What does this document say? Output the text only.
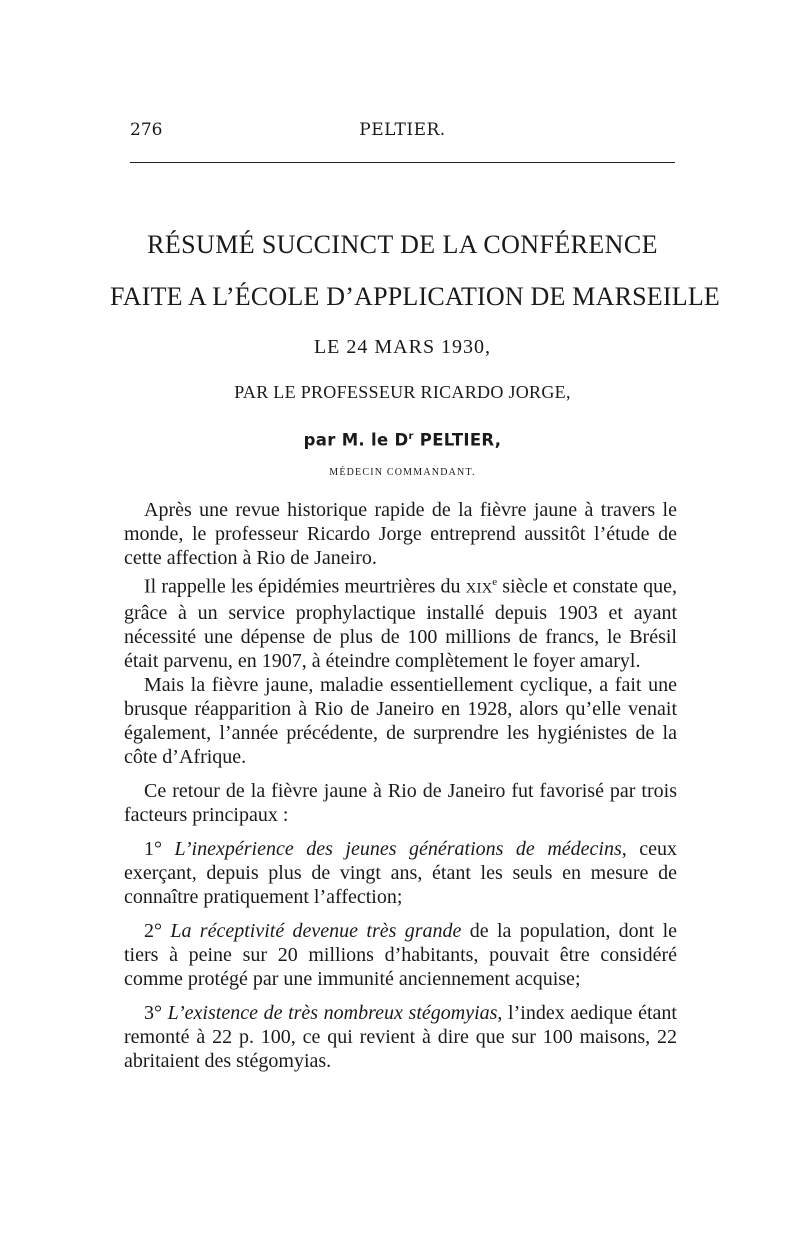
276	PELTIER.
RÉSUMÉ SUCCINCT DE LA CONFÉRENCE
FAITE A L’ÉCOLE D’APPLICATION DE MARSEILLE
LE 24 MARS 1930,
PAR LE PROFESSEUR RICARDO JORGE,
par M. le $D^r$ PELTIER,
MÉDECIN COMMANDANT.

Après une revue historique rapide de la fièvre jaune à travers le monde, le professeur Ricardo Jorge entreprend aussitôt l’étude de cette affection à Rio de Janeiro.

Il rappelle les épidémies meurtrières du XIXe siècle et constate que, grâce à un service prophylactique installé depuis 1903 et ayant nécessité une dépense de plus de 100 millions de francs, le Brésil était parvenu, en 1907, à éteindre complètement le foyer amaryl.

Mais la fièvre jaune, maladie essentiellement cyclique, a fait une brusque réapparition à Rio de Janeiro en 1928, alors qu’elle venait également, l’année précédente, de surprendre les hygiénistes de la côte d’Afrique.

Ce retour de la fièvre jaune à Rio de Janeiro fut favorisé par trois facteurs principaux :

1° L’inexpérience des jeunes générations de médecins, ceux exerçant, depuis plus de vingt ans, étant les seuls en mesure de connaître pratiquement l’affection;

2° La réceptivité devenue très grande de la population, dont le tiers à peine sur 20 millions d’habitants, pouvait être considéré comme protégé par une immunité anciennement acquise;

3° L’existence de très nombreux stégomyias, l’index aedique étant remonté à 22 p. 100, ce qui revient à dire que sur 100 maisons, 22 abritaient des stégomyias.
